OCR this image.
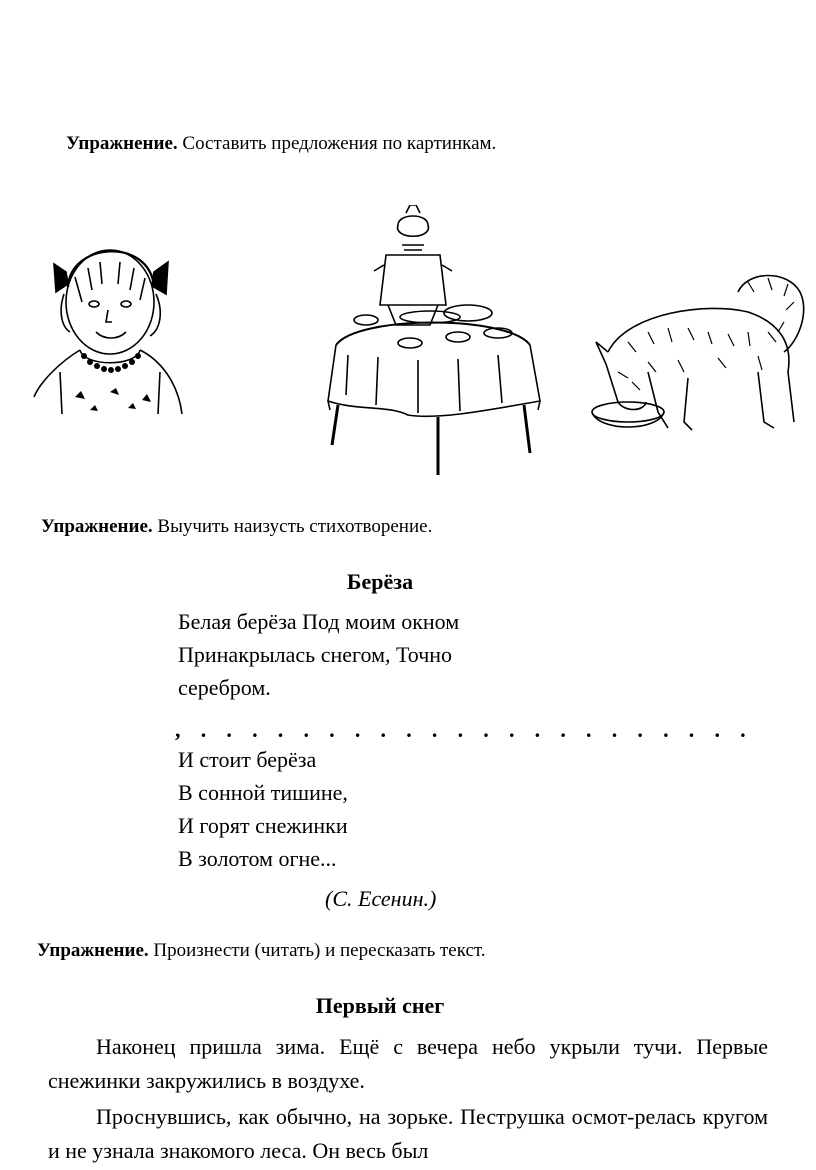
Упражнение. Составить предложения по картинкам.
Упражнение. Выучить наизусть стихотворение.
Берёза
Белая берёза Под моим окном
Принакрылась снегом, Точно
серебром.
, . . . . . . . . . . . . . . . . . . . . . .
И стоит берёза
В сонной тишине,
И горят снежинки
В золотом огне...
(С. Есенин.)
Упражнение. Произнести (читать) и пересказать текст.
Первый снег

Наконец пришла зима. Ещё с вечера небо укрыли тучи. Первые снежинки закружились в воздухе.

Проснувшись, как обычно, на зорьке. Пеструшка осмот-релась кругом и не узнала знакомого леса. Он весь был
